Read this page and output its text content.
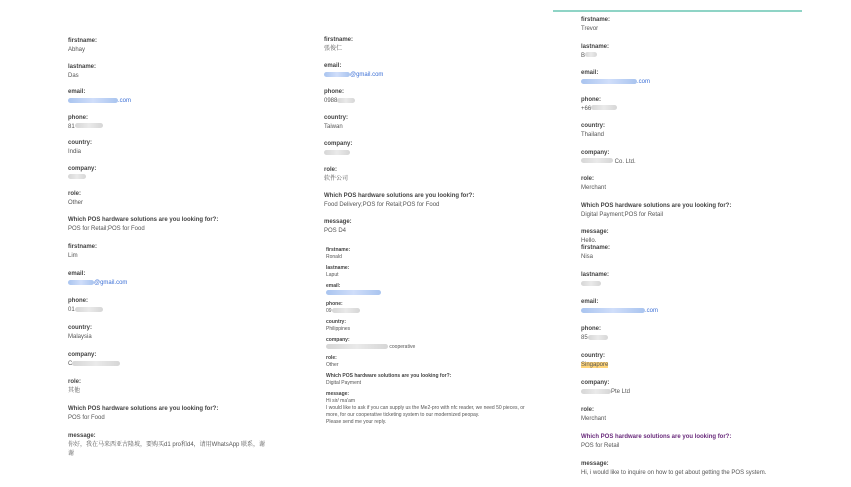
firstname:
Abhay
lastname:
Das
email:
.com
phone:
81
country:
India
company:
role:
Other
Which POS hardware solutions are you looking for?:
POS for Retail;POS for Food
firstname:
Lim
email:
@gmail.com
phone:
01
country:
Malaysia
company:
C
role:
其他
Which POS hardware solutions are you looking for?:
POS for Food
message:
你好，我在马来西亚古隆坡，要购买d1 pro和d4，请用WhatsApp 联系，谢谢
firstname:
張俊仁
email:
@gmail.com
phone:
0988
country:
Taiwan
company:
role:
软件公司
Which POS hardware solutions are you looking for?:
Food Delivery;POS for Retail;POS for Food
message:
POS D4
firstname:
Ronald
lastname:
Laput
email:
phone:
09
country:
Philippines
company:
cooperative
role:
Other
Which POS hardware solutions are you looking for?:
Digital Payment
message:
Hi sir/ ma'am
I would like to ask if you can supply us the Me2-pro with nfc reader, we need 50 pieces, or more, for our cooperative ticketing system to our modernized peopay.
Please send me your reply.
firstname:
Trevor
lastname:
B
email:
.com
phone:
+66
country:
Thailand
company:
Co. Ltd.
role:
Merchant
Which POS hardware solutions are you looking for?:
Digital Payment;POS for Retail
message:
Hello.
firstname:
Nisa
lastname:
email:
.com
phone:
85
country:
Singapore
company:
Pte Ltd
role:
Merchant
Which POS hardware solutions are you looking for?:
POS for Retail
message:
Hi, i would like to inquire on how to get about getting the POS system.
